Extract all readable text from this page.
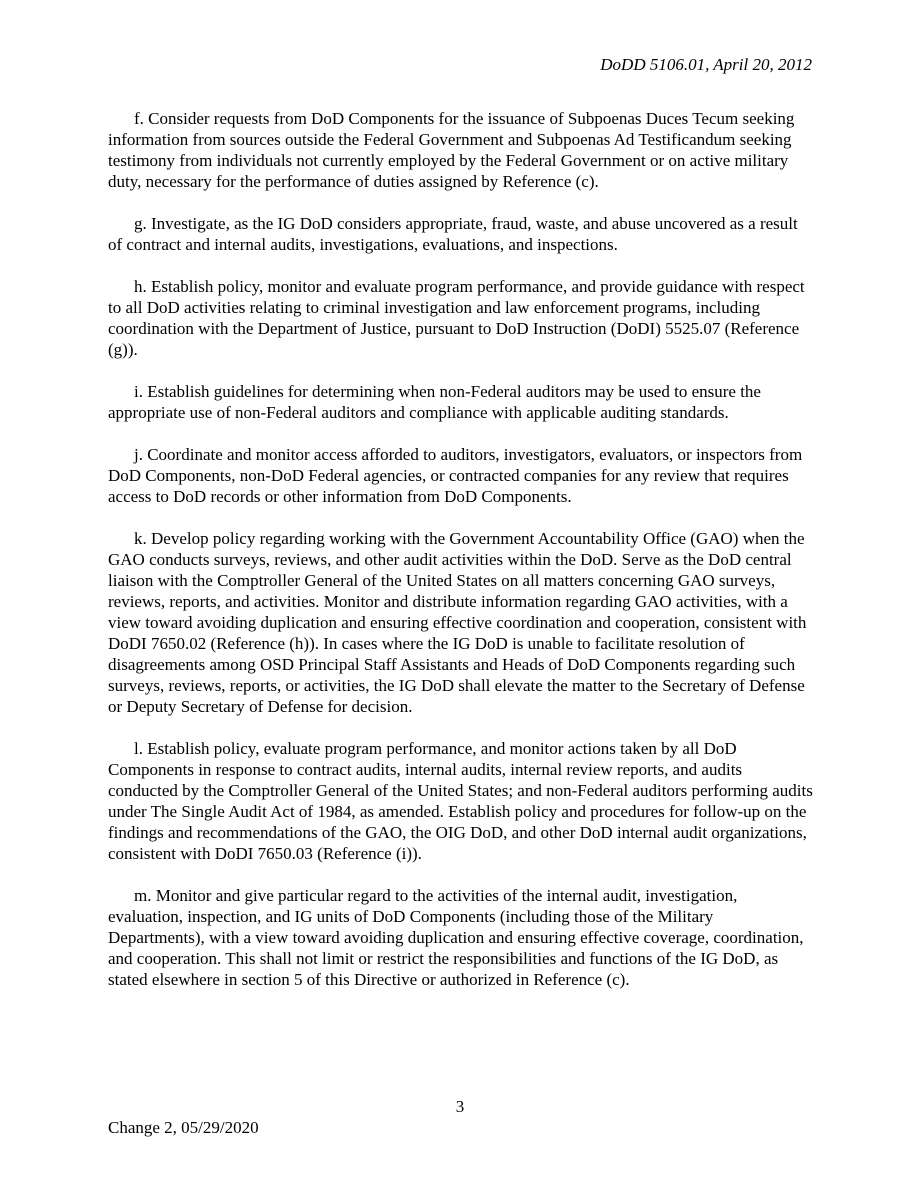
DoDD 5106.01, April 20, 2012

f. Consider requests from DoD Components for the issuance of Subpoenas Duces Tecum seeking information from sources outside the Federal Government and Subpoenas Ad Testificandum seeking testimony from individuals not currently employed by the Federal Government or on active military duty, necessary for the performance of duties assigned by Reference (c).

g. Investigate, as the IG DoD considers appropriate, fraud, waste, and abuse uncovered as a result of contract and internal audits, investigations, evaluations, and inspections.

h. Establish policy, monitor and evaluate program performance, and provide guidance with respect to all DoD activities relating to criminal investigation and law enforcement programs, including coordination with the Department of Justice, pursuant to DoD Instruction (DoDI) 5525.07 (Reference (g)).

i. Establish guidelines for determining when non-Federal auditors may be used to ensure the appropriate use of non-Federal auditors and compliance with applicable auditing standards.

j. Coordinate and monitor access afforded to auditors, investigators, evaluators, or inspectors from DoD Components, non-DoD Federal agencies, or contracted companies for any review that requires access to DoD records or other information from DoD Components.

k. Develop policy regarding working with the Government Accountability Office (GAO) when the GAO conducts surveys, reviews, and other audit activities within the DoD. Serve as the DoD central liaison with the Comptroller General of the United States on all matters concerning GAO surveys, reviews, reports, and activities. Monitor and distribute information regarding GAO activities, with a view toward avoiding duplication and ensuring effective coordination and cooperation, consistent with DoDI 7650.02 (Reference (h)). In cases where the IG DoD is unable to facilitate resolution of disagreements among OSD Principal Staff Assistants and Heads of DoD Components regarding such surveys, reviews, reports, or activities, the IG DoD shall elevate the matter to the Secretary of Defense or Deputy Secretary of Defense for decision.

l. Establish policy, evaluate program performance, and monitor actions taken by all DoD Components in response to contract audits, internal audits, internal review reports, and audits conducted by the Comptroller General of the United States; and non-Federal auditors performing audits under The Single Audit Act of 1984, as amended. Establish policy and procedures for follow-up on the findings and recommendations of the GAO, the OIG DoD, and other DoD internal audit organizations, consistent with DoDI 7650.03 (Reference (i)).

m. Monitor and give particular regard to the activities of the internal audit, investigation, evaluation, inspection, and IG units of DoD Components (including those of the Military Departments), with a view toward avoiding duplication and ensuring effective coverage, coordination, and cooperation. This shall not limit or restrict the responsibilities and functions of the IG DoD, as stated elsewhere in section 5 of this Directive or authorized in Reference (c).

3
Change 2, 05/29/2020
